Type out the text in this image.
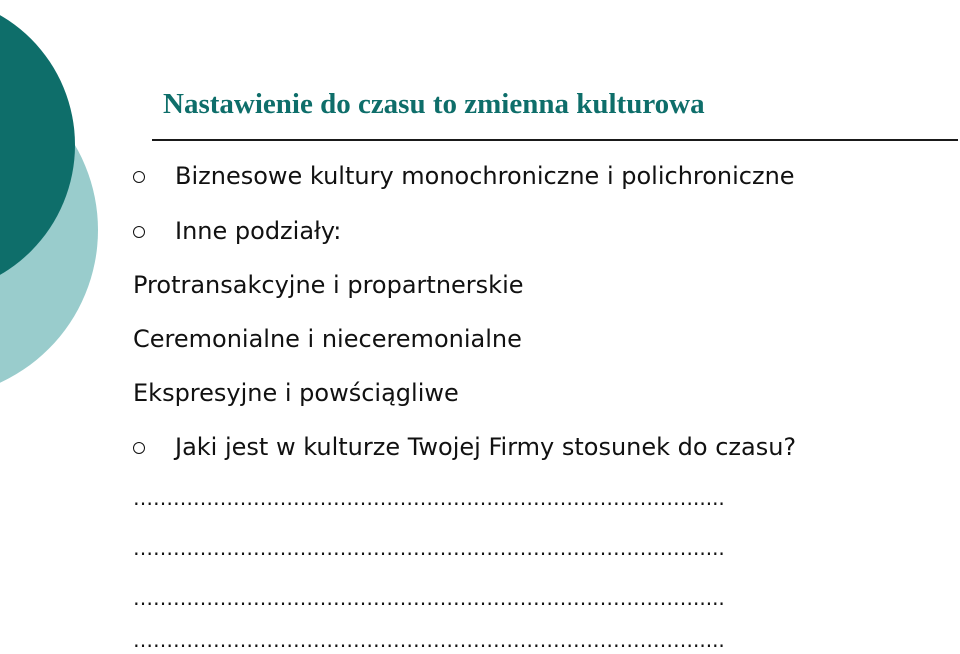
Nastawienie do czasu to zmienna kulturowa
Biznesowe kultury monochroniczne i polichroniczne
Inne podziały:
Protransakcyjne i propartnerskie
Ceremonialne i nieceremonialne
Ekspresyjne i powściągliwe
Jaki jest w kulturze Twojej Firmy stosunek do czasu?
………………………………………………………………………….....
………………………………………………………………………….....
………………………………………………………………………….....
………………………………………………………………………….....
